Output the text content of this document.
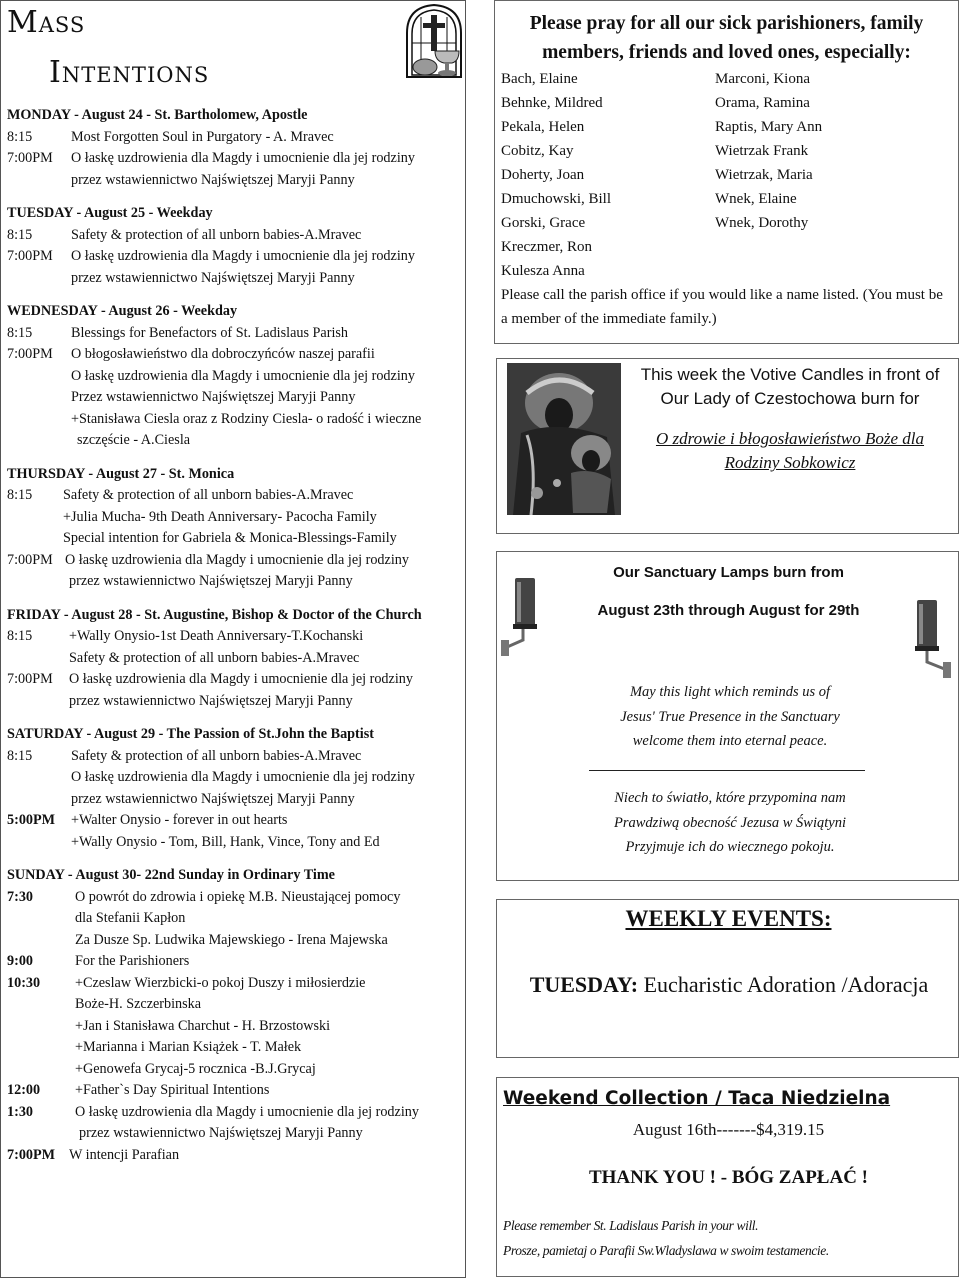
Mass
Intentions
MONDAY - August 24 - St. Bartholomew, Apostle
8:15	Most Forgotten Soul in Purgatory - A. Mravec
7:00PM	O łaskę uzdrowienia dla Magdy i umocnienie dla jej rodziny
przez wstawiennictwo Najświętszej Maryji Panny
TUESDAY - August 25 - Weekday
8:15	Safety & protection of all unborn babies-A.Mravec
7:00PM	O łaskę uzdrowienia dla Magdy i umocnienie dla jej rodziny
przez wstawiennictwo Najświętszej Maryji Panny
WEDNESDAY - August 26 - Weekday
8:15	Blessings for Benefactors of St. Ladislaus Parish
7:00PM	O błogosławieństwo dla dobroczyńców naszej parafii
O łaskę uzdrowienia dla Magdy i umocnienie dla jej rodziny
Przez wstawiennictwo Najświętszej Maryji Panny
+Stanisława Ciesla oraz z Rodziny Ciesla- o radość i wieczne
szczęście - A.Ciesla
THURSDAY - August 27 - St. Monica
8:15	Safety & protection of all unborn babies-A.Mravec
+Julia Mucha- 9th Death Anniversary- Pacocha Family
Special intention for Gabriela & Monica-Blessings-Family
7:00PM O łaskę uzdrowienia dla Magdy i umocnienie dla jej rodziny
przez wstawiennictwo Najświętszej Maryji Panny
FRIDAY - August 28 - St. Augustine, Bishop & Doctor of the Church
8:15	+Wally Onysio-1st Death Anniversary-T.Kochanski
Safety & protection of all unborn babies-A.Mravec
7:00PM	O łaskę uzdrowienia dla Magdy i umocnienie dla jej rodziny
przez wstawiennictwo Najświętszej Maryji Panny
SATURDAY - August 29 - The Passion of St.John the Baptist
8:15	Safety & protection of all unborn babies-A.Mravec
O łaskę uzdrowienia dla Magdy i umocnienie dla jej rodziny
przez wstawiennictwo Najświętszej Maryji Panny
5:00PM	+Walter Onysio - forever in out hearts
+Wally Onysio - Tom, Bill, Hank, Vince, Tony and Ed
SUNDAY - August 30- 22nd Sunday in Ordinary Time
7:30	O powrót do zdrowia i opiekę M.B. Nieustającej pomocy
dla Stefanii Kapłon
Za Dusze Sp. Ludwika Majewskiego - Irena Majewska
9:00	For the Parishioners
10:30	+Czeslaw Wierzbicki-o pokoj Duszy i miłosierdzie
Boże-H. Szczerbinska
+Jan i Stanisława Charchut - H. Brzostowski
+Marianna i Marian Książek - T. Małek
+Genowefa Grycaj-5 rocznica -B.J.Grycaj
12:00	+Father`s Day Spiritual Intentions
1:30	O łaskę uzdrowienia dla Magdy i umocnienie dla jej rodziny
przez wstawiennictwo Najświętszej Maryji Panny
7:00PM W intencji Parafian
Please pray for all our sick parishioners, family
members, friends and loved ones, especially:
Bach, Elaine	Marconi, Kiona
Behnke, Mildred	Orama, Ramina
Pekala, Helen	Raptis, Mary Ann
Cobitz, Kay	Wietrzak Frank
Doherty, Joan	Wietrzak, Maria
Dmuchowski, Bill	Wnek, Elaine
Gorski, Grace	Wnek, Dorothy
Kreczmer, Ron
Kulesza Anna
Please call the parish office if you would like a name listed. (You must be a member of the immediate family.)
This week the Votive Candles in front of
Our Lady of Czestochowa burn for
O zdrowie i błogosławieństwo Boże dla
Rodziny Sobkowicz
Our Sanctuary Lamps burn from
August 23th through August for 29th
May this light which reminds us of
Jesus' True Presence in the Sanctuary
welcome them into eternal peace.
Niech to światło, które przypomina nam
Prawdziwą obecność Jezusa w Świątyni
Przyjmuje ich do wiecznego pokoju.
WEEKLY EVENTS:
TUESDAY: Eucharistic Adoration /Adoracja
Weekend Collection / Taca Niedzielna
August 16th-------$4,319.15
THANK YOU ! - BÓG ZAPŁAĆ !
Please remember St. Ladislaus Parish in your will.
Prosze, pamietaj o Parafii Sw.Wladyslawa w swoim testamencie.
